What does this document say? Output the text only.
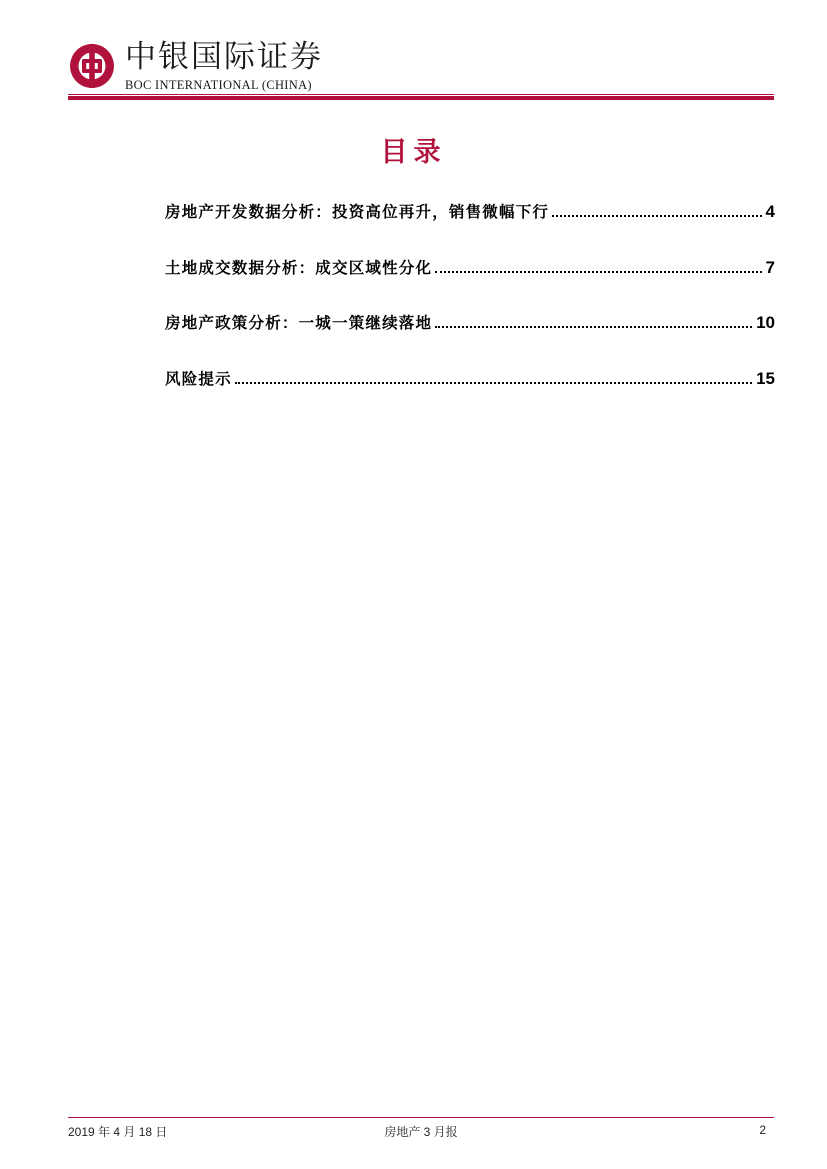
中银国际证券
BOC INTERNATIONAL (CHINA)
目录
房地产开发数据分析：投资高位再升，销售微幅下行	4
土地成交数据分析：成交区域性分化	7
房地产政策分析：一城一策继续落地	10
风险提示	15
2019 年 4 月 18 日	房地产 3 月报	2
